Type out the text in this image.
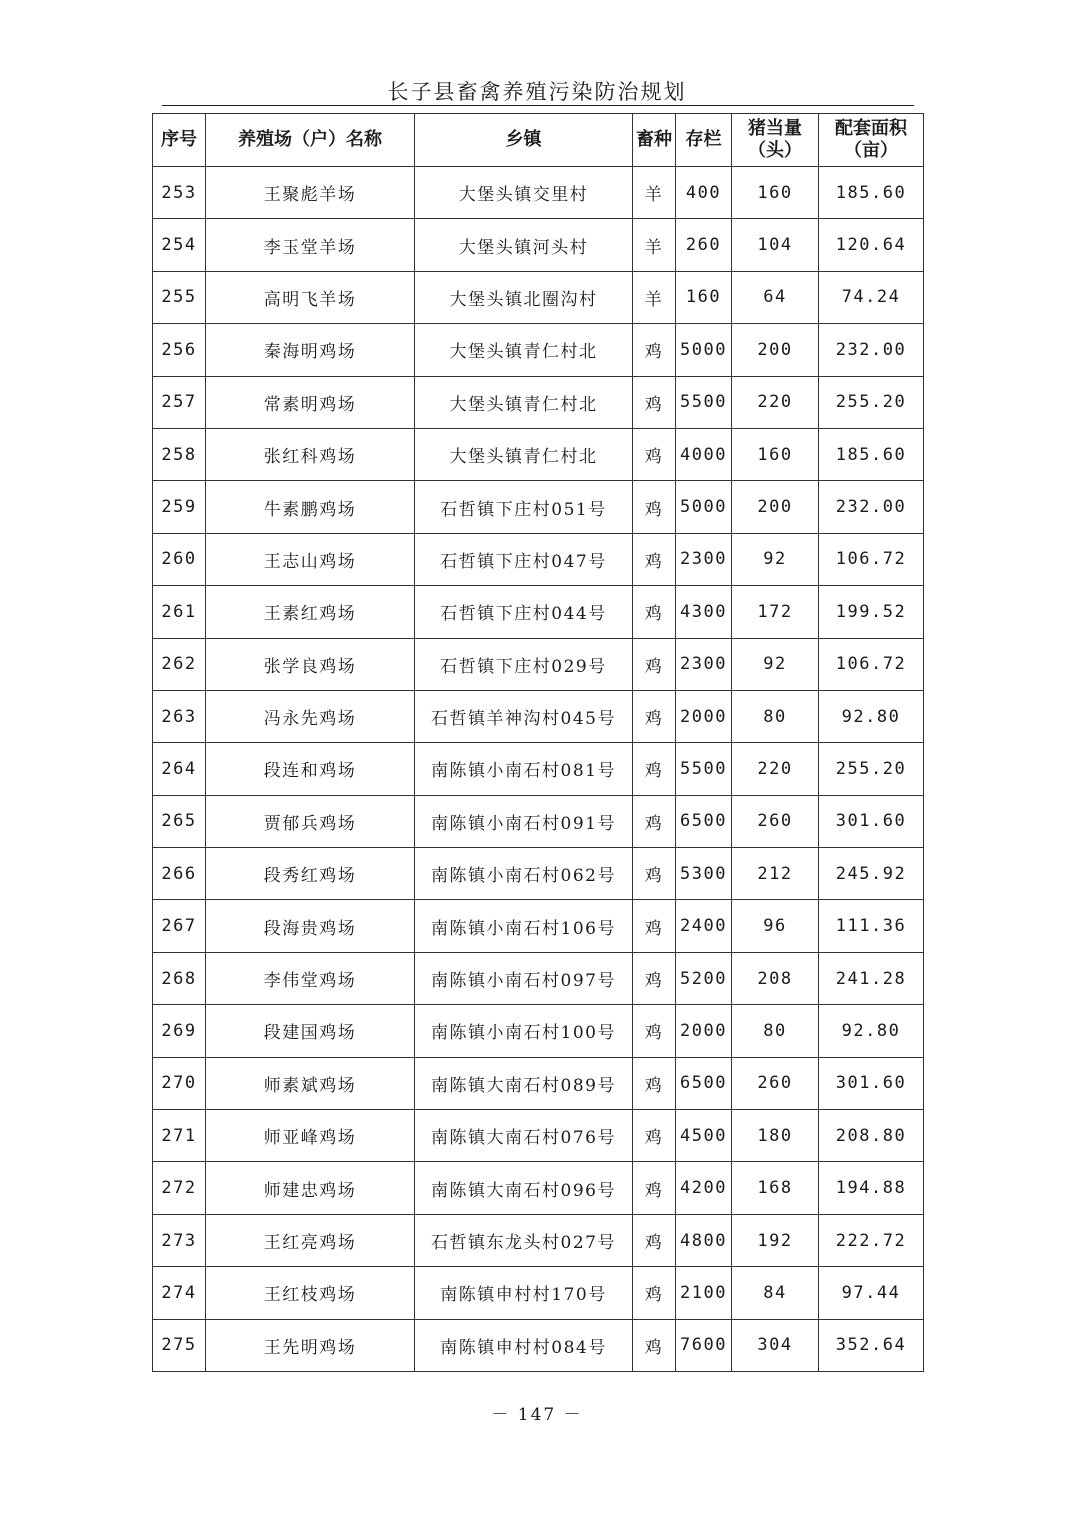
长子县畜禽养殖污染防治规划
序号	养殖场（户）名称	乡镇	畜种	存栏	猪当量（头）	配套面积（亩）
253	王聚彪羊场	大堡头镇交里村	羊	400	160	185.60
254	李玉堂羊场	大堡头镇河头村	羊	260	104	120.64
255	高明飞羊场	大堡头镇北圈沟村	羊	160	64	74.24
256	秦海明鸡场	大堡头镇青仁村北	鸡	5000	200	232.00
257	常素明鸡场	大堡头镇青仁村北	鸡	5500	220	255.20
258	张红科鸡场	大堡头镇青仁村北	鸡	4000	160	185.60
259	牛素鹏鸡场	石哲镇下庄村051号	鸡	5000	200	232.00
260	王志山鸡场	石哲镇下庄村047号	鸡	2300	92	106.72
261	王素红鸡场	石哲镇下庄村044号	鸡	4300	172	199.52
262	张学良鸡场	石哲镇下庄村029号	鸡	2300	92	106.72
263	冯永先鸡场	石哲镇羊神沟村045号	鸡	2000	80	92.80
264	段连和鸡场	南陈镇小南石村081号	鸡	5500	220	255.20
265	贾郁兵鸡场	南陈镇小南石村091号	鸡	6500	260	301.60
266	段秀红鸡场	南陈镇小南石村062号	鸡	5300	212	245.92
267	段海贵鸡场	南陈镇小南石村106号	鸡	2400	96	111.36
268	李伟堂鸡场	南陈镇小南石村097号	鸡	5200	208	241.28
269	段建国鸡场	南陈镇小南石村100号	鸡	2000	80	92.80
270	师素斌鸡场	南陈镇大南石村089号	鸡	6500	260	301.60
271	师亚峰鸡场	南陈镇大南石村076号	鸡	4500	180	208.80
272	师建忠鸡场	南陈镇大南石村096号	鸡	4200	168	194.88
273	王红亮鸡场	石哲镇东龙头村027号	鸡	4800	192	222.72
274	王红枝鸡场	南陈镇申村村170号	鸡	2100	84	97.44
275	王先明鸡场	南陈镇申村村084号	鸡	7600	304	352.64
－ 147 －
